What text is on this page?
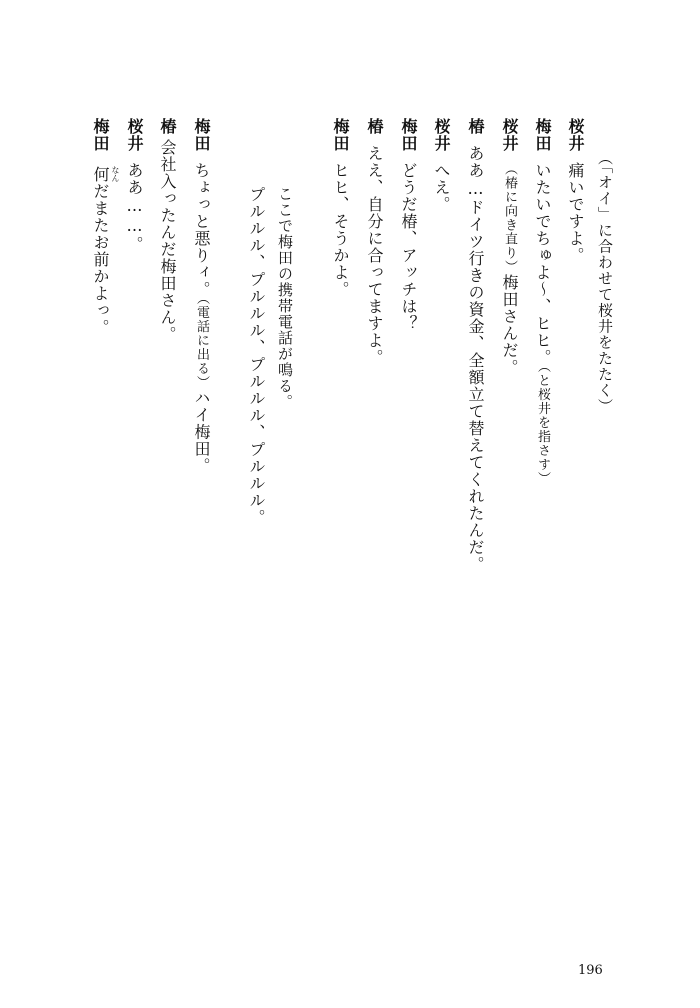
（「オイ」に合わせて桜井をたたく）
桜井痛いですよ。
梅田いたいでちゅよ〜、ヒヒ。（と桜井を指さす）
桜井（椿に向き直り）梅田さんだ。
椿ああ…ドイツ行きの資金、全額立て替えてくれたんだ。
桜井へえ。
梅田どうだ椿、アッチは？
椿ええ、自分に合ってますよ。
梅田ヒヒ、そうかよ。
ここで梅田の携帯電話が鳴る。
プルルル、プルルル、プルルル、プルルル。
梅田ちょっと悪りィ。（電話に出る）ハイ梅田。
椿会社入ったんだ梅田さん。
桜井ああ……。
梅田何だまたお前かよっ。 なん
196
